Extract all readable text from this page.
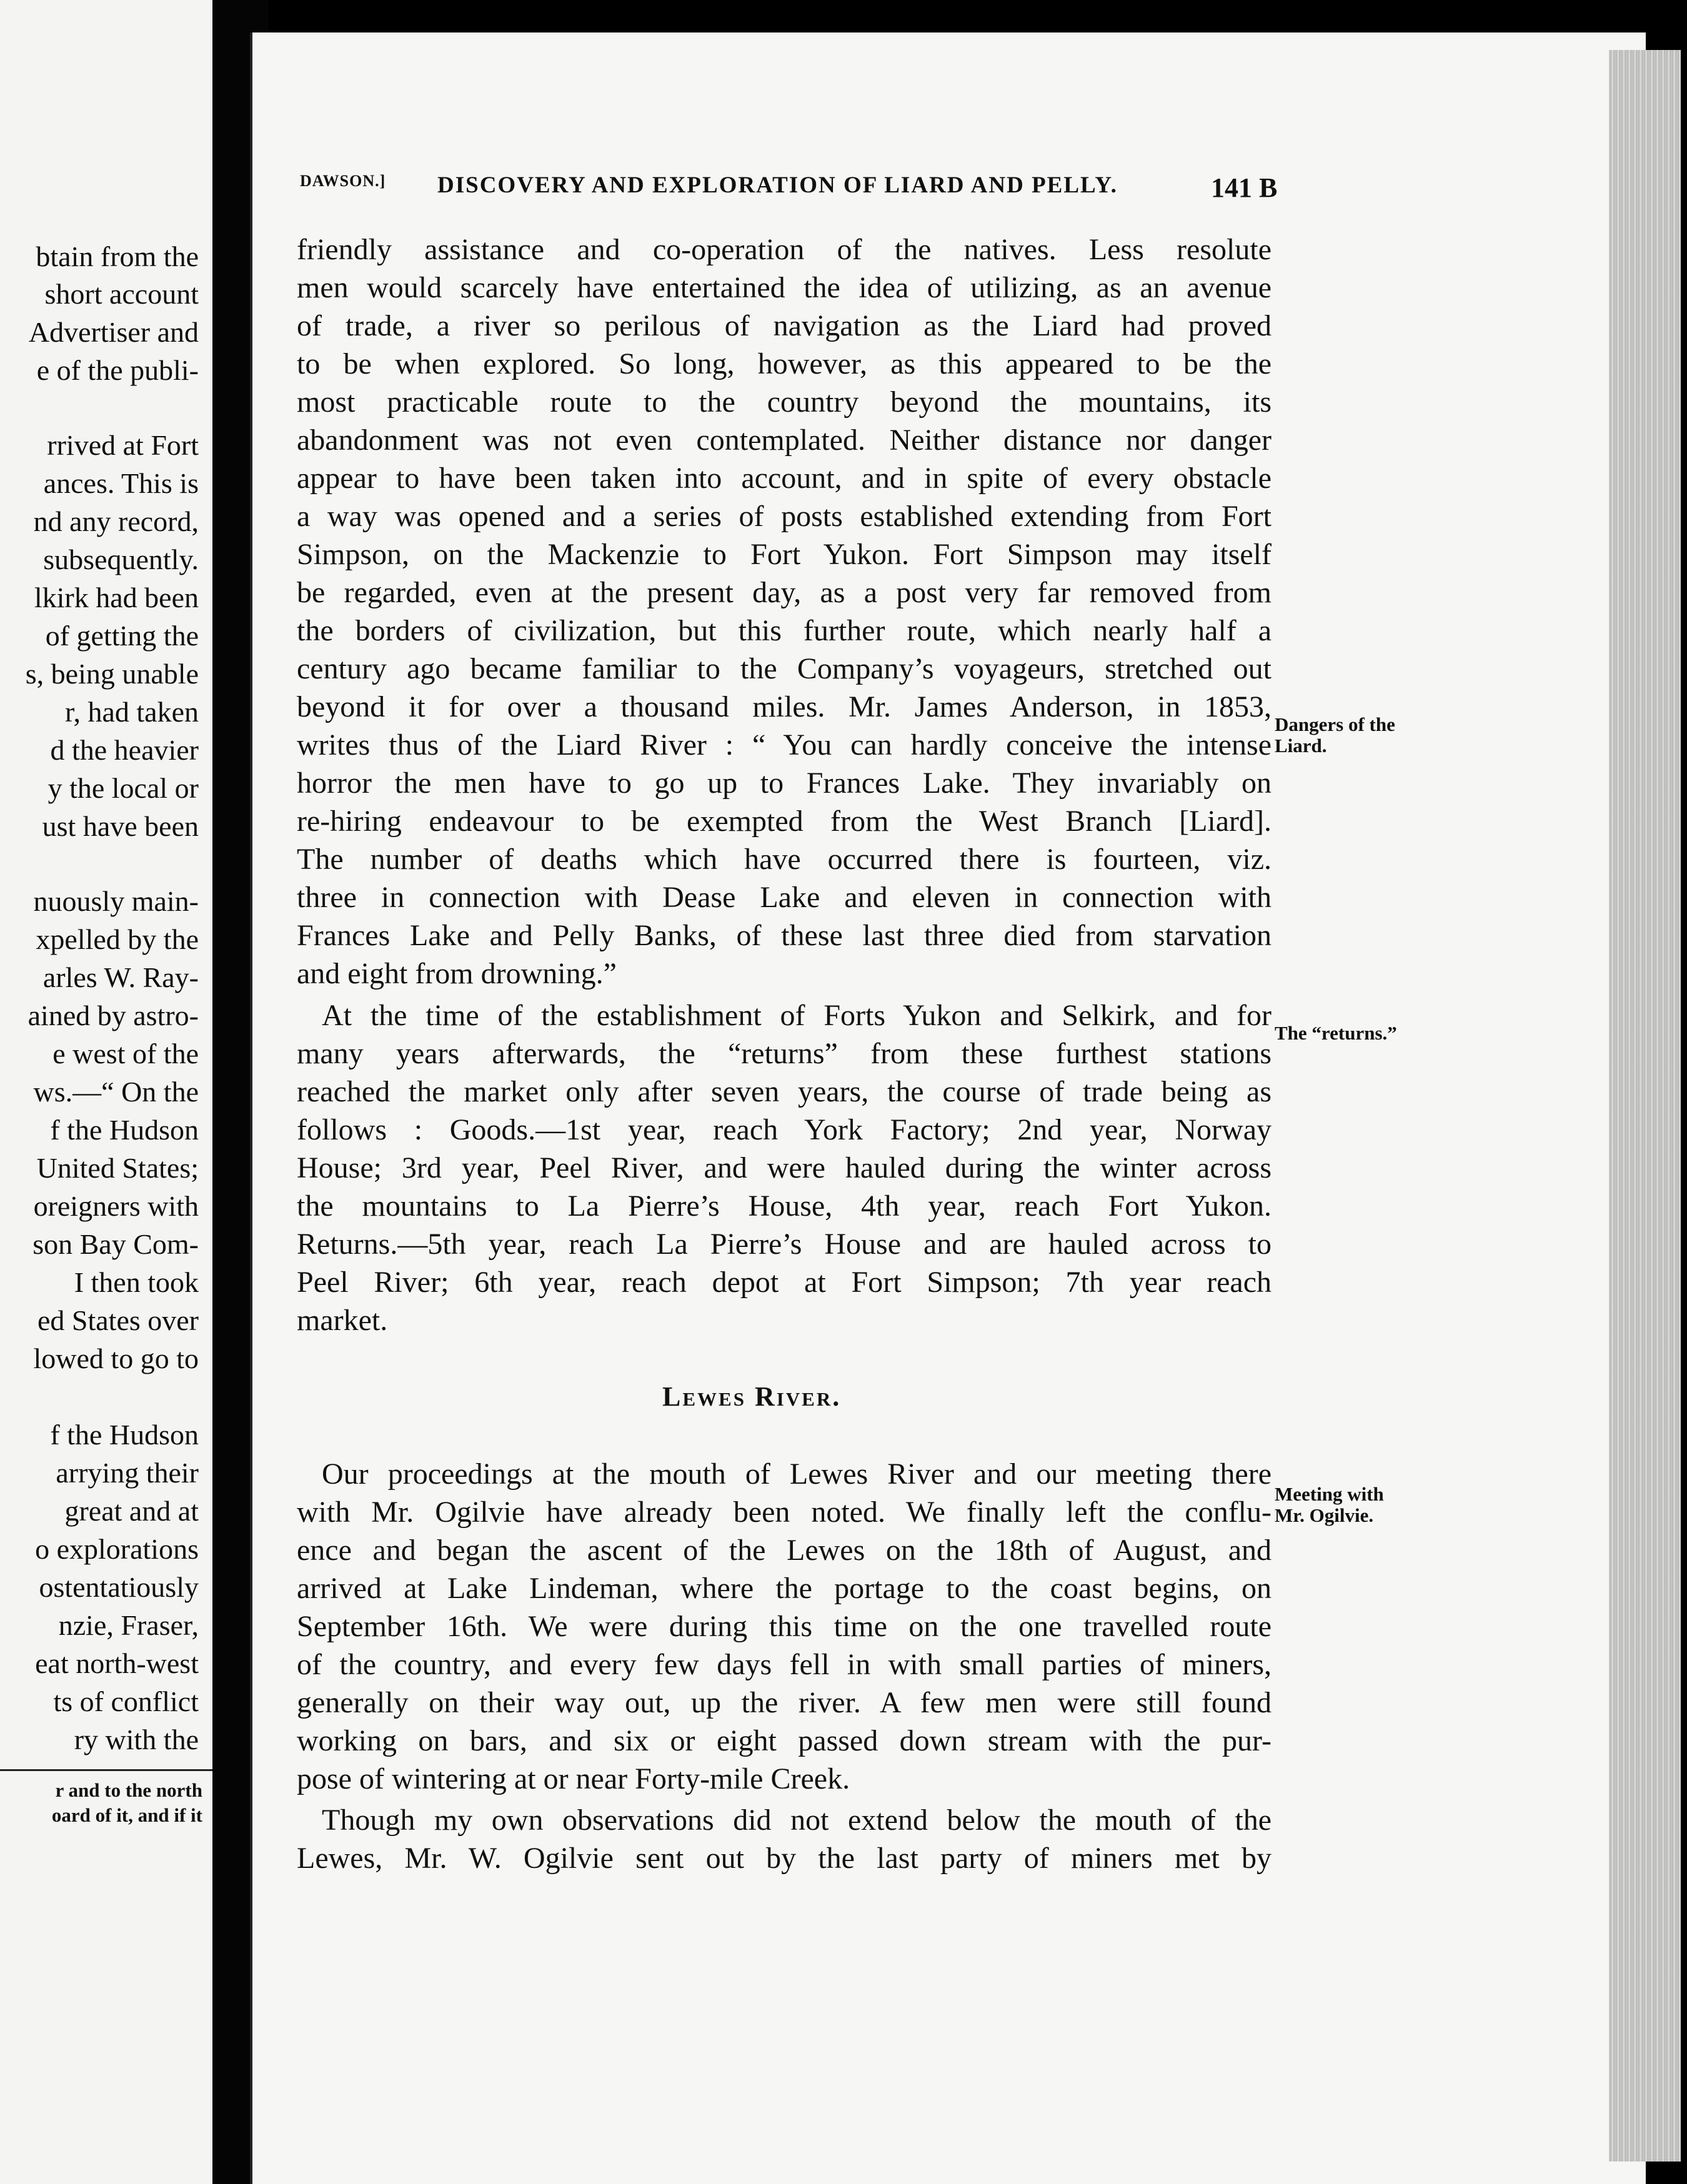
btain from the
short account
Advertiser and
e of the publi-
rrived at Fort
ances. This is
nd any record,
subsequently.
lkirk had been
of getting the
s, being unable
r, had taken
d the heavier
y the local or
ust have been
nuously main-
xpelled by the
arles W. Ray-
ained by astro-
e west of the
ws.—“ On the
f the Hudson
United States;
oreigners with
son Bay Com-
I then took
ed States over
lowed to go to
f the Hudson
arrying their
great and at
o explorations
ostentatiously
nzie, Fraser,
eat north-west
ts of conflict
ry with the
r and to the north
oard of it, and if it
DAWSON.] DISCOVERY AND EXPLORATION OF LIARD AND PELLY.	141 B
friendly assistance and co-operation of the natives. Less resolute
men would scarcely have entertained the idea of utilizing, as an avenue
of trade, a river so perilous of navigation as the Liard had proved
to be when explored. So long, however, as this appeared to be the
most practicable route to the country beyond the mountains, its
abandonment was not even contemplated. Neither distance nor danger
appear to have been taken into account, and in spite of every obstacle
a way was opened and a series of posts established extending from Fort
Simpson, on the Mackenzie to Fort Yukon. Fort Simpson may itself
be regarded, even at the present day, as a post very far removed from
the borders of civilization, but this further route, which nearly half a
century ago became familiar to the Company’s voyageurs, stretched out
beyond it for over a thousand miles. Mr. James Anderson, in 1853,
writes thus of the Liard River : “ You can hardly conceive the intense
horror the men have to go up to Frances Lake. They invariably on
re-hiring endeavour to be exempted from the West Branch [Liard].
The number of deaths which have occurred there is fourteen, viz.
three in connection with Dease Lake and eleven in connection with
Frances Lake and Pelly Banks, of these last three died from starvation
and eight from drowning.”
At the time of the establishment of Forts Yukon and Selkirk, and for
many years afterwards, the “returns” from these furthest stations
reached the market only after seven years, the course of trade being as
follows : Goods.—1st year, reach York Factory; 2nd year, Norway
House; 3rd year, Peel River, and were hauled during the winter across
the mountains to La Pierre’s House, 4th year, reach Fort Yukon.
Returns.—5th year, reach La Pierre’s House and are hauled across to
Peel River; 6th year, reach depot at Fort Simpson; 7th year reach
market.
Lewes River.
Our proceedings at the mouth of Lewes River and our meeting there
with Mr. Ogilvie have already been noted. We finally left the conflu-
ence and began the ascent of the Lewes on the 18th of August, and
arrived at Lake Lindeman, where the portage to the coast begins, on
September 16th. We were during this time on the one travelled route
of the country, and every few days fell in with small parties of miners,
generally on their way out, up the river. A few men were still found
working on bars, and six or eight passed down stream with the pur-
pose of wintering at or near Forty-mile Creek.
Though my own observations did not extend below the mouth of the
Lewes, Mr. W. Ogilvie sent out by the last party of miners met by
Dangers of the
Liard.
The “returns.”
Meeting with
Mr. Ogilvie.
